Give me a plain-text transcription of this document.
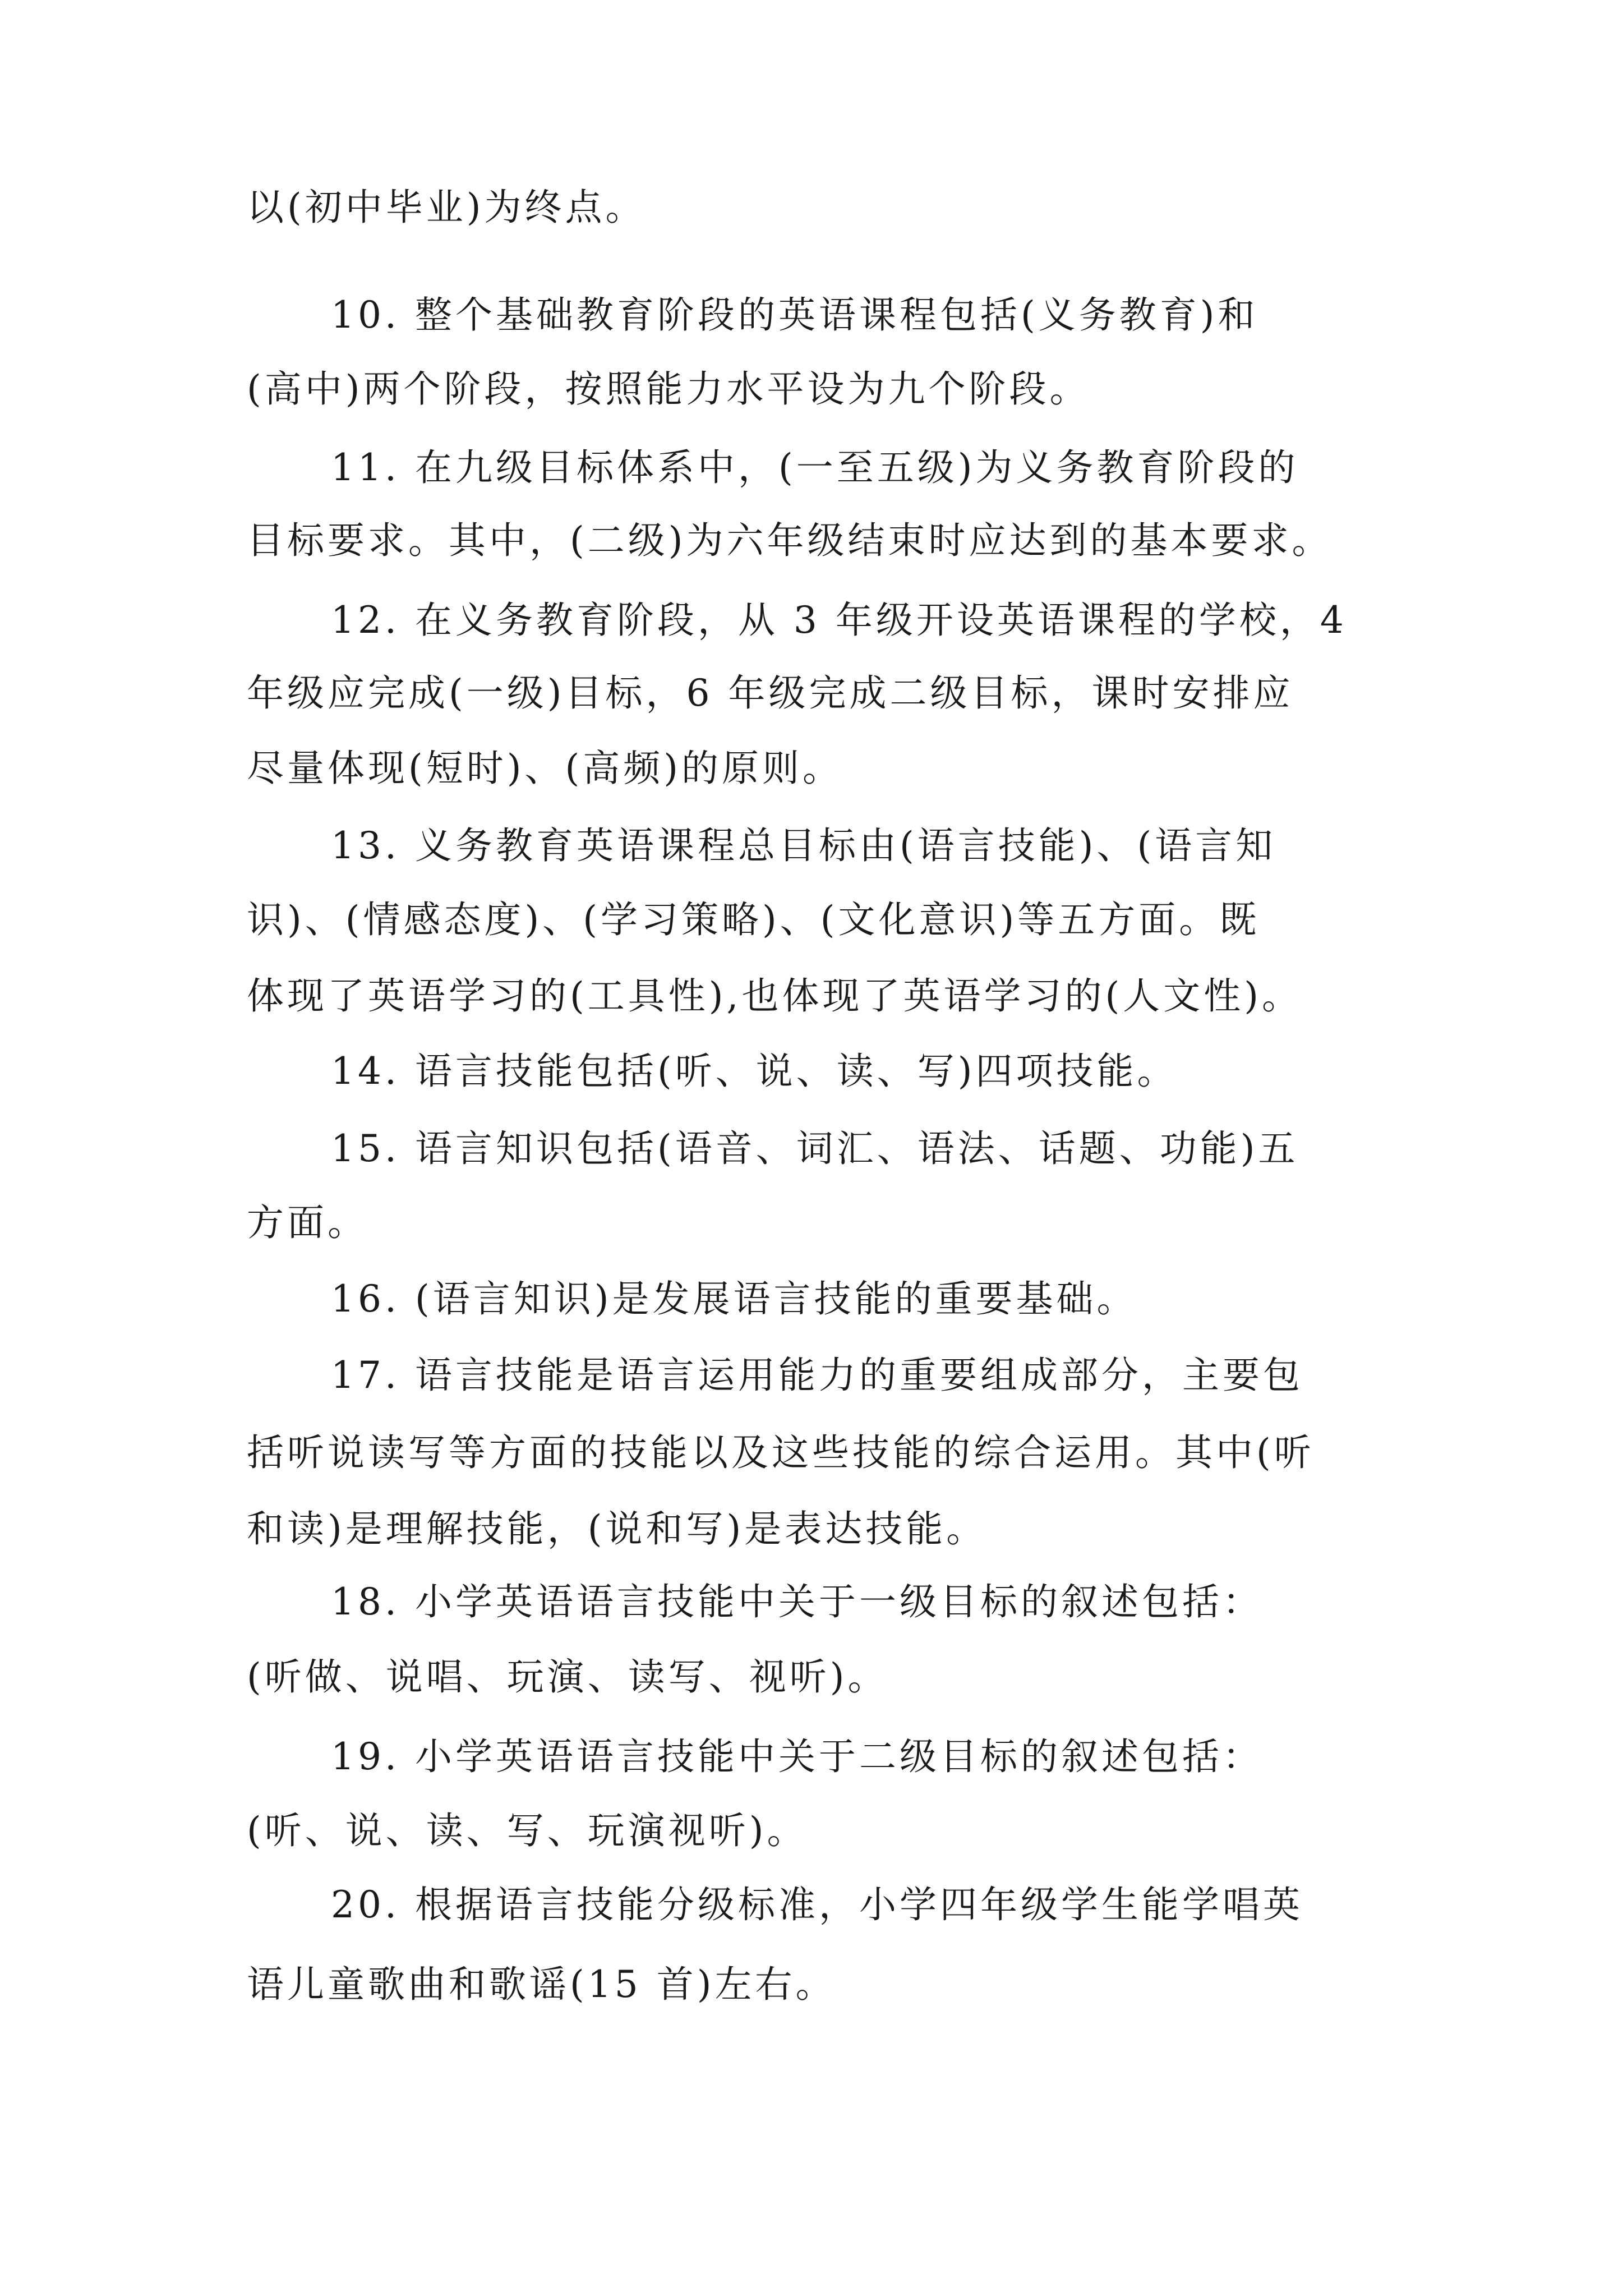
以(初中毕业)为终点。
10. 整个基础教育阶段的英语课程包括(义务教育)和
(高中)两个阶段，按照能力水平设为九个阶段。
11. 在九级目标体系中，(一至五级)为义务教育阶段的
目标要求。其中，(二级)为六年级结束时应达到的基本要求。
12. 在义务教育阶段，从 3 年级开设英语课程的学校，4
年级应完成(一级)目标，6 年级完成二级目标，课时安排应
尽量体现(短时)、(高频)的原则。
13. 义务教育英语课程总目标由(语言技能)、(语言知
识)、(情感态度)、(学习策略)、(文化意识)等五方面。既
体现了英语学习的(工具性),也体现了英语学习的(人文性)。
14. 语言技能包括(听、说、读、写)四项技能。
15. 语言知识包括(语音、词汇、语法、话题、功能)五
方面。
16. (语言知识)是发展语言技能的重要基础。
17. 语言技能是语言运用能力的重要组成部分，主要包
括听说读写等方面的技能以及这些技能的综合运用。其中(听
和读)是理解技能，(说和写)是表达技能。
18. 小学英语语言技能中关于一级目标的叙述包括：
(听做、说唱、玩演、读写、视听)。
19. 小学英语语言技能中关于二级目标的叙述包括：
(听、说、读、写、玩演视听)。
20. 根据语言技能分级标准，小学四年级学生能学唱英
语儿童歌曲和歌谣(15 首)左右。
